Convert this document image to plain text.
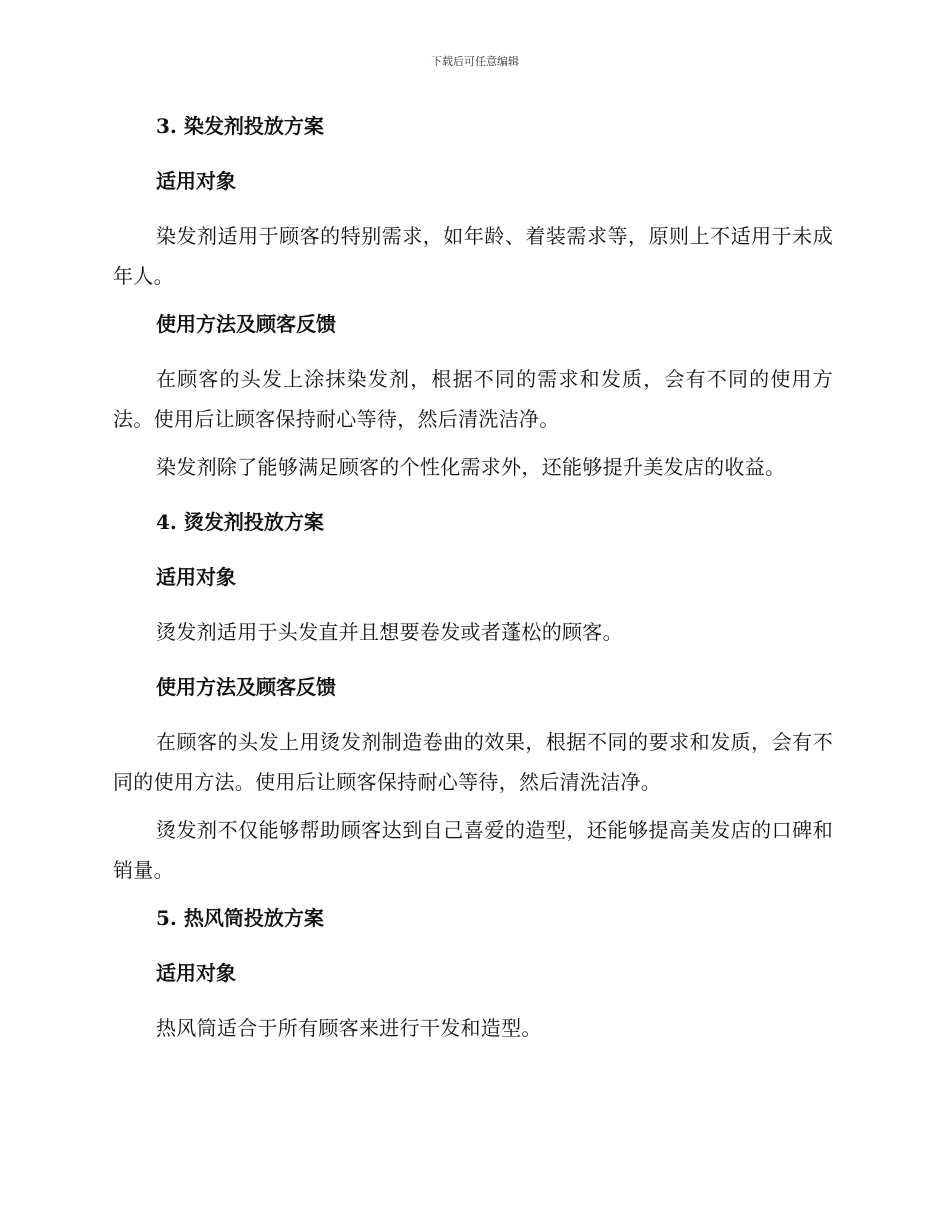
下载后可任意编辑
3. 染发剂投放方案
适用对象
染发剂适用于顾客的特别需求，如年龄、着装需求等，原则上不适用于未成年人。
使用方法及顾客反馈
在顾客的头发上涂抹染发剂，根据不同的需求和发质，会有不同的使用方法。使用后让顾客保持耐心等待，然后清洗洁净。
染发剂除了能够满足顾客的个性化需求外，还能够提升美发店的收益。
4. 烫发剂投放方案
适用对象
烫发剂适用于头发直并且想要卷发或者蓬松的顾客。
使用方法及顾客反馈
在顾客的头发上用烫发剂制造卷曲的效果，根据不同的要求和发质，会有不同的使用方法。使用后让顾客保持耐心等待，然后清洗洁净。
烫发剂不仅能够帮助顾客达到自己喜爱的造型，还能够提高美发店的口碑和销量。
5. 热风筒投放方案
适用对象
热风筒适合于所有顾客来进行干发和造型。
